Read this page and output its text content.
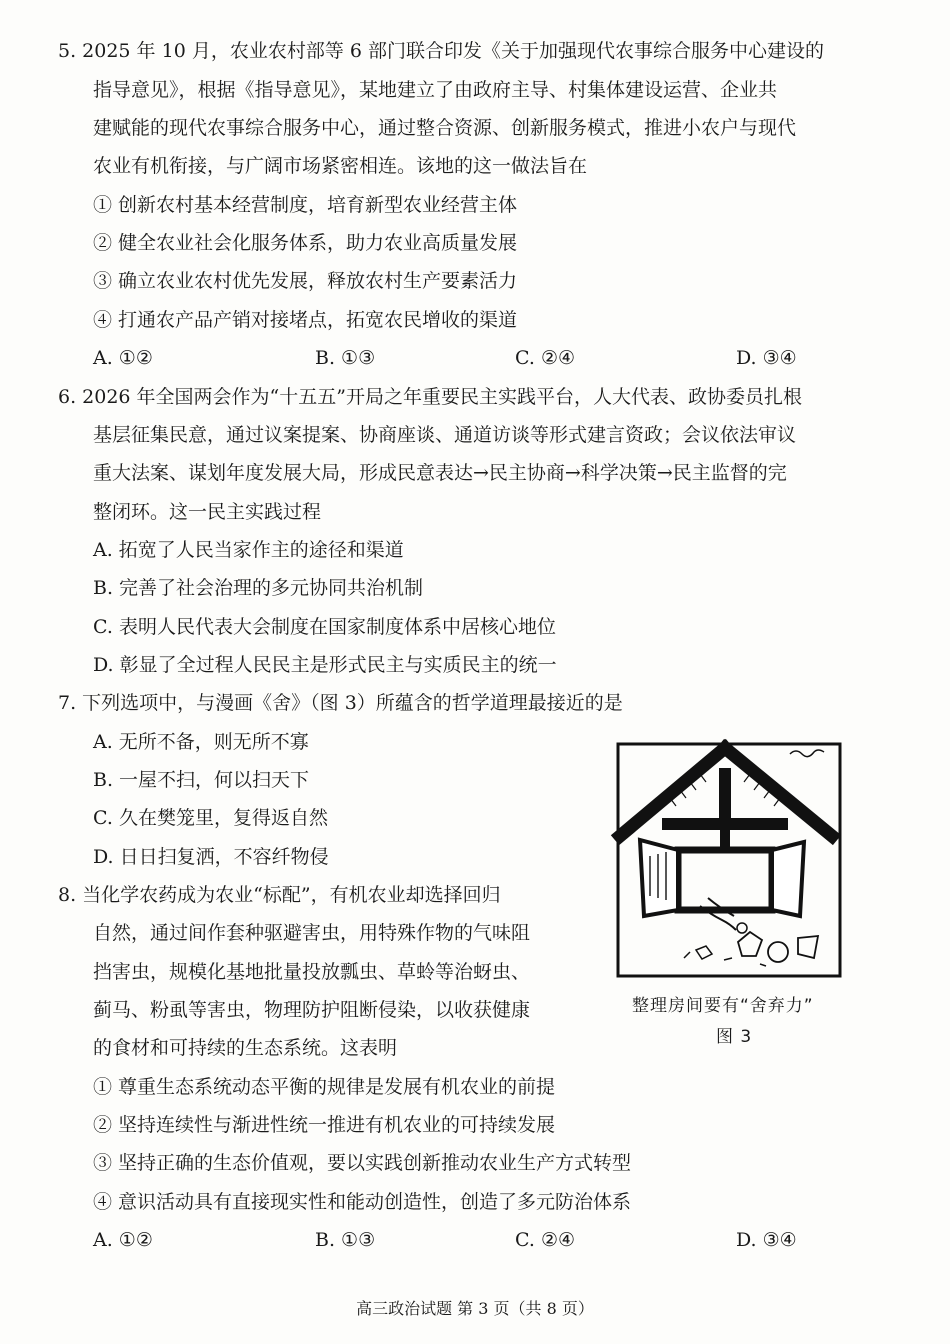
5. 2025 年 10 月，农业农村部等 6 部门联合印发《关于加强现代农事综合服务中心建设的
指导意见》，根据《指导意见》，某地建立了由政府主导、村集体建设运营、企业共
建赋能的现代农事综合服务中心，通过整合资源、创新服务模式，推进小农户与现代
农业有机衔接，与广阔市场紧密相连。该地的这一做法旨在
① 创新农村基本经营制度，培育新型农业经营主体
② 健全农业社会化服务体系，助力农业高质量发展
③ 确立农业农村优先发展，释放农村生产要素活力
④ 打通农产品产销对接堵点，拓宽农民增收的渠道
A. ①②	B. ①③	C. ②④	D. ③④
6. 2026 年全国两会作为“十五五”开局之年重要民主实践平台，人大代表、政协委员扎根
基层征集民意，通过议案提案、协商座谈、通道访谈等形式建言资政；会议依法审议
重大法案、谋划年度发展大局，形成民意表达→民主协商→科学决策→民主监督的完
整闭环。这一民主实践过程
A. 拓宽了人民当家作主的途径和渠道
B. 完善了社会治理的多元协同共治机制
C. 表明人民代表大会制度在国家制度体系中居核心地位
D. 彰显了全过程人民民主是形式民主与实质民主的统一
7. 下列选项中，与漫画《舍》（图 3）所蕴含的哲学道理最接近的是
A. 无所不备，则无所不寡
B. 一屋不扫，何以扫天下
C. 久在樊笼里，复得返自然
D. 日日扫复洒，不容纤物侵
整理房间要有“舍弃力”
图 3
8. 当化学农药成为农业“标配”，有机农业却选择回归
自然，通过间作套种驱避害虫，用特殊作物的气味阻
挡害虫，规模化基地批量投放瓢虫、草蛉等治蚜虫、
蓟马、粉虱等害虫，物理防护阻断侵染，以收获健康
的食材和可持续的生态系统。这表明
① 尊重生态系统动态平衡的规律是发展有机农业的前提
② 坚持连续性与渐进性统一推进有机农业的可持续发展
③ 坚持正确的生态价值观，要以实践创新推动农业生产方式转型
④ 意识活动具有直接现实性和能动创造性，创造了多元防治体系
A. ①②	B. ①③	C. ②④	D. ③④
高三政治试题 第 3 页（共 8 页）
